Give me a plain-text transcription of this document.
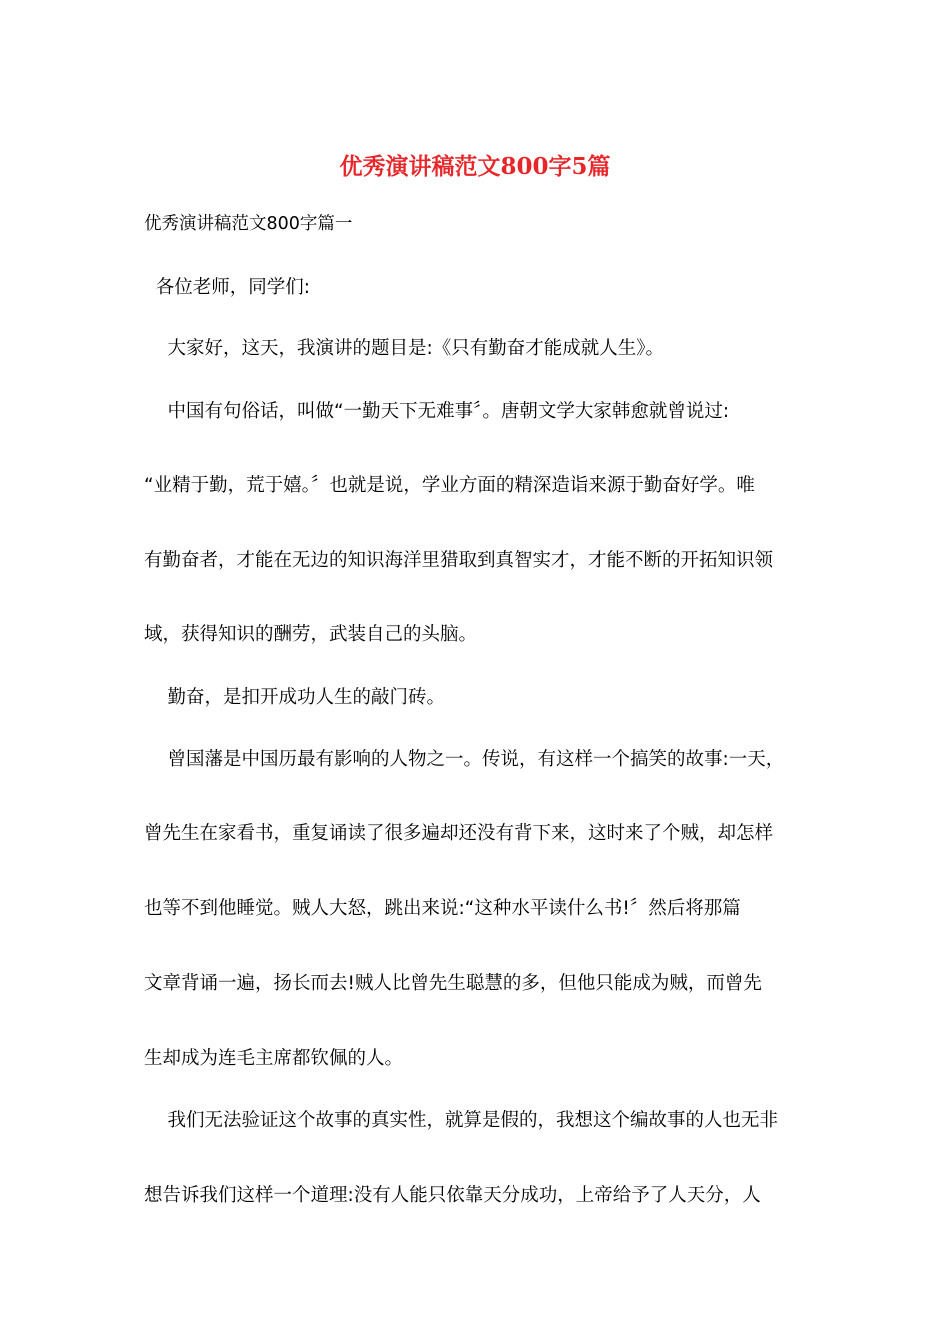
优秀演讲稿范文800字5篇
优秀演讲稿范文800字篇一
各位老师，同学们:
大家好，这天，我演讲的题目是:《只有勤奋才能成就人生》。
中国有句俗话，叫做“一勤天下无难事〞。唐朝文学大家韩愈就曾说过:
“业精于勤，荒于嬉。〞也就是说，学业方面的精深造诣来源于勤奋好学。唯
有勤奋者，才能在无边的知识海洋里猎取到真智实才，才能不断的开拓知识领
域，获得知识的酬劳，武装自己的头脑。
勤奋，是扣开成功人生的敲门砖。
曾国藩是中国历最有影响的人物之一。传说，有这样一个搞笑的故事:一天，
曾先生在家看书，重复诵读了很多遍却还没有背下来，这时来了个贼，却怎样
也等不到他睡觉。贼人大怒，跳出来说:“这种水平读什么书!〞然后将那篇
文章背诵一遍，扬长而去!贼人比曾先生聪慧的多，但他只能成为贼，而曾先
生却成为连毛主席都钦佩的人。
我们无法验证这个故事的真实性，就算是假的，我想这个编故事的人也无非
想告诉我们这样一个道理:没有人能只依靠天分成功，上帝给予了人天分，人
